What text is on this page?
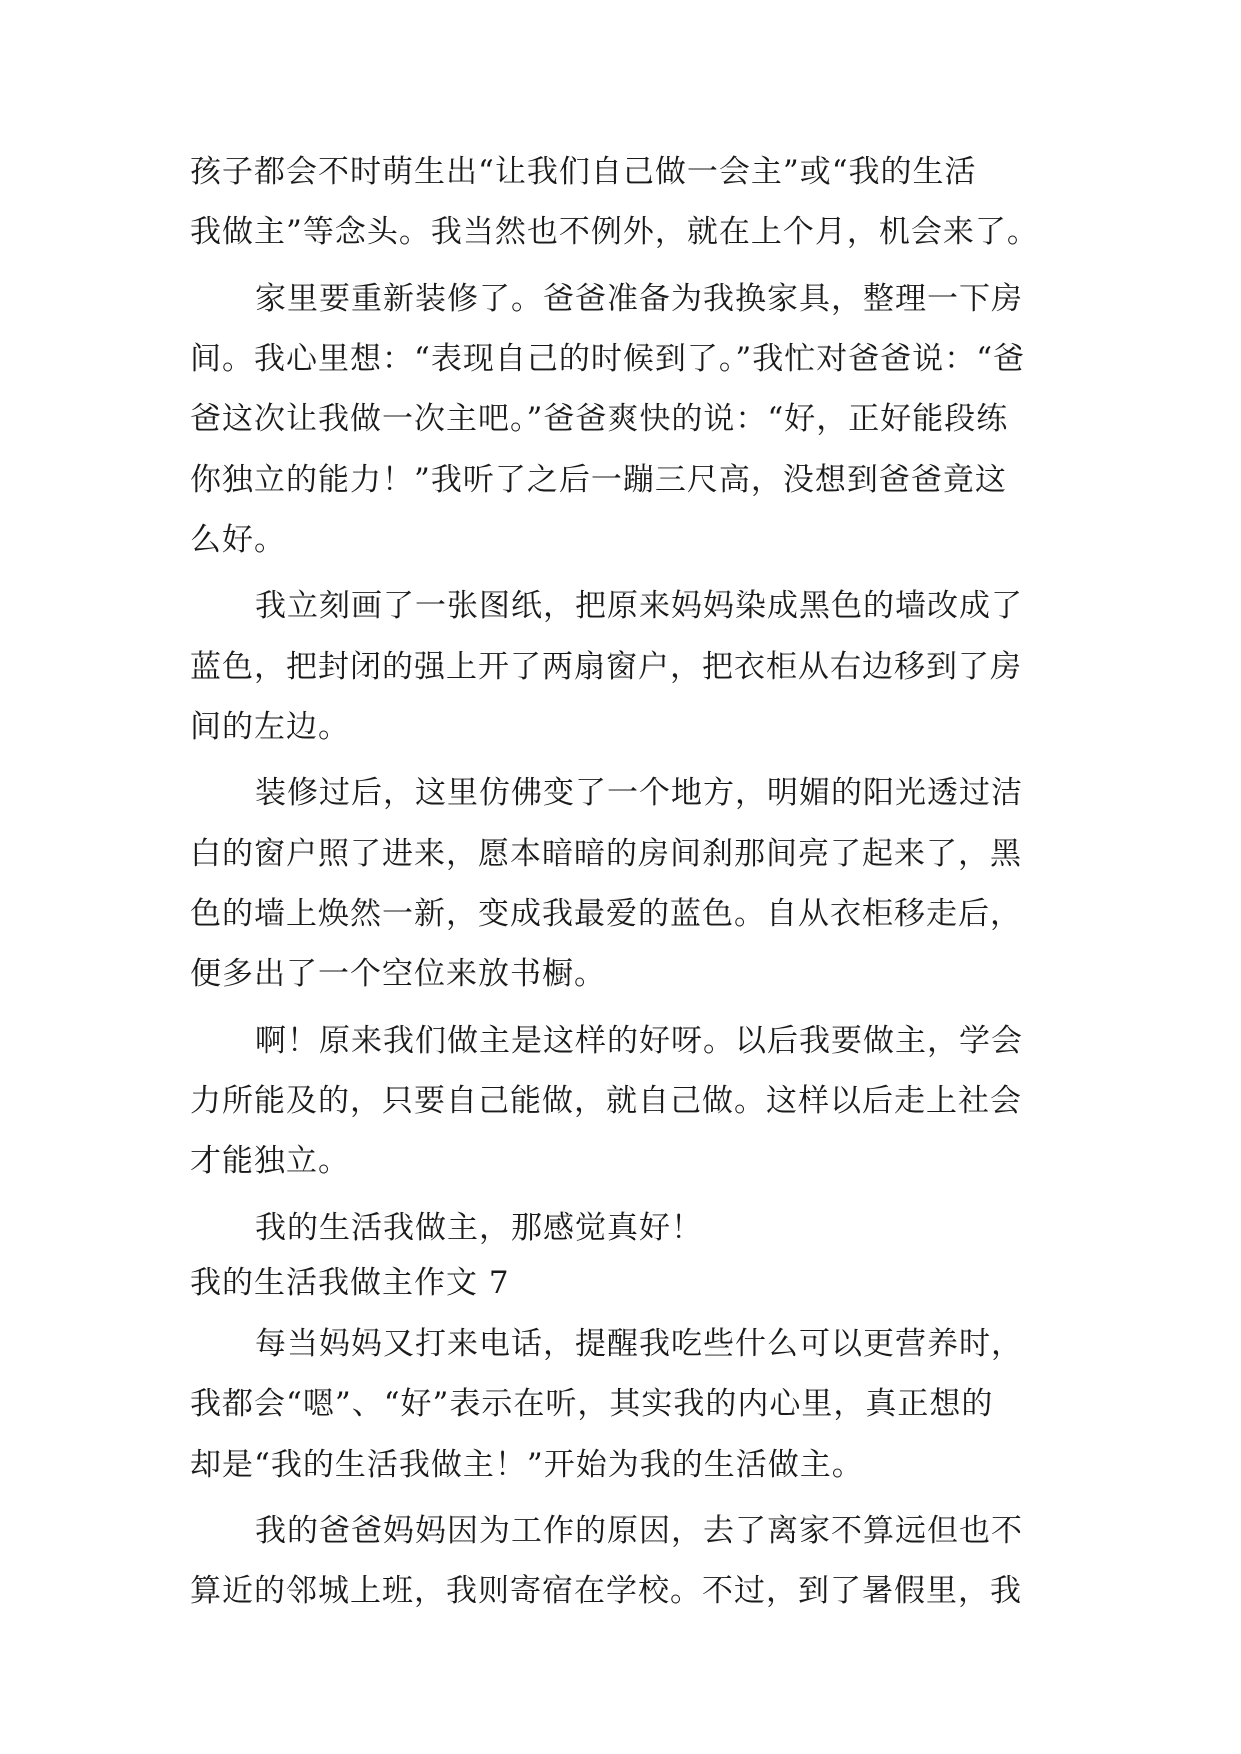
孩子都会不时萌生出“让我们自己做一会主”或“我的生活
我做主”等念头。我当然也不例外，就在上个月，机会来了。
家里要重新装修了。爸爸准备为我换家具，整理一下房
间。我心里想：“表现自己的时候到了。”我忙对爸爸说：“爸
爸这次让我做一次主吧。”爸爸爽快的说：“好，正好能段练
你独立的能力！”我听了之后一蹦三尺高，没想到爸爸竟这
么好。
我立刻画了一张图纸，把原来妈妈染成黑色的墙改成了
蓝色，把封闭的强上开了两扇窗户，把衣柜从右边移到了房
间的左边。
装修过后，这里仿佛变了一个地方，明媚的阳光透过洁
白的窗户照了进来，愿本暗暗的房间刹那间亮了起来了，黑
色的墙上焕然一新，变成我最爱的蓝色。自从衣柜移走后，
便多出了一个空位来放书橱。
啊！原来我们做主是这样的好呀。以后我要做主，学会
力所能及的，只要自己能做，就自己做。这样以后走上社会
才能独立。
我的生活我做主，那感觉真好！
我的生活我做主作文 7
每当妈妈又打来电话，提醒我吃些什么可以更营养时，
我都会“嗯”、“好”表示在听，其实我的内心里，真正想的
却是“我的生活我做主！”开始为我的生活做主。
我的爸爸妈妈因为工作的原因，去了离家不算远但也不
算近的邻城上班，我则寄宿在学校。不过，到了暑假里，我
